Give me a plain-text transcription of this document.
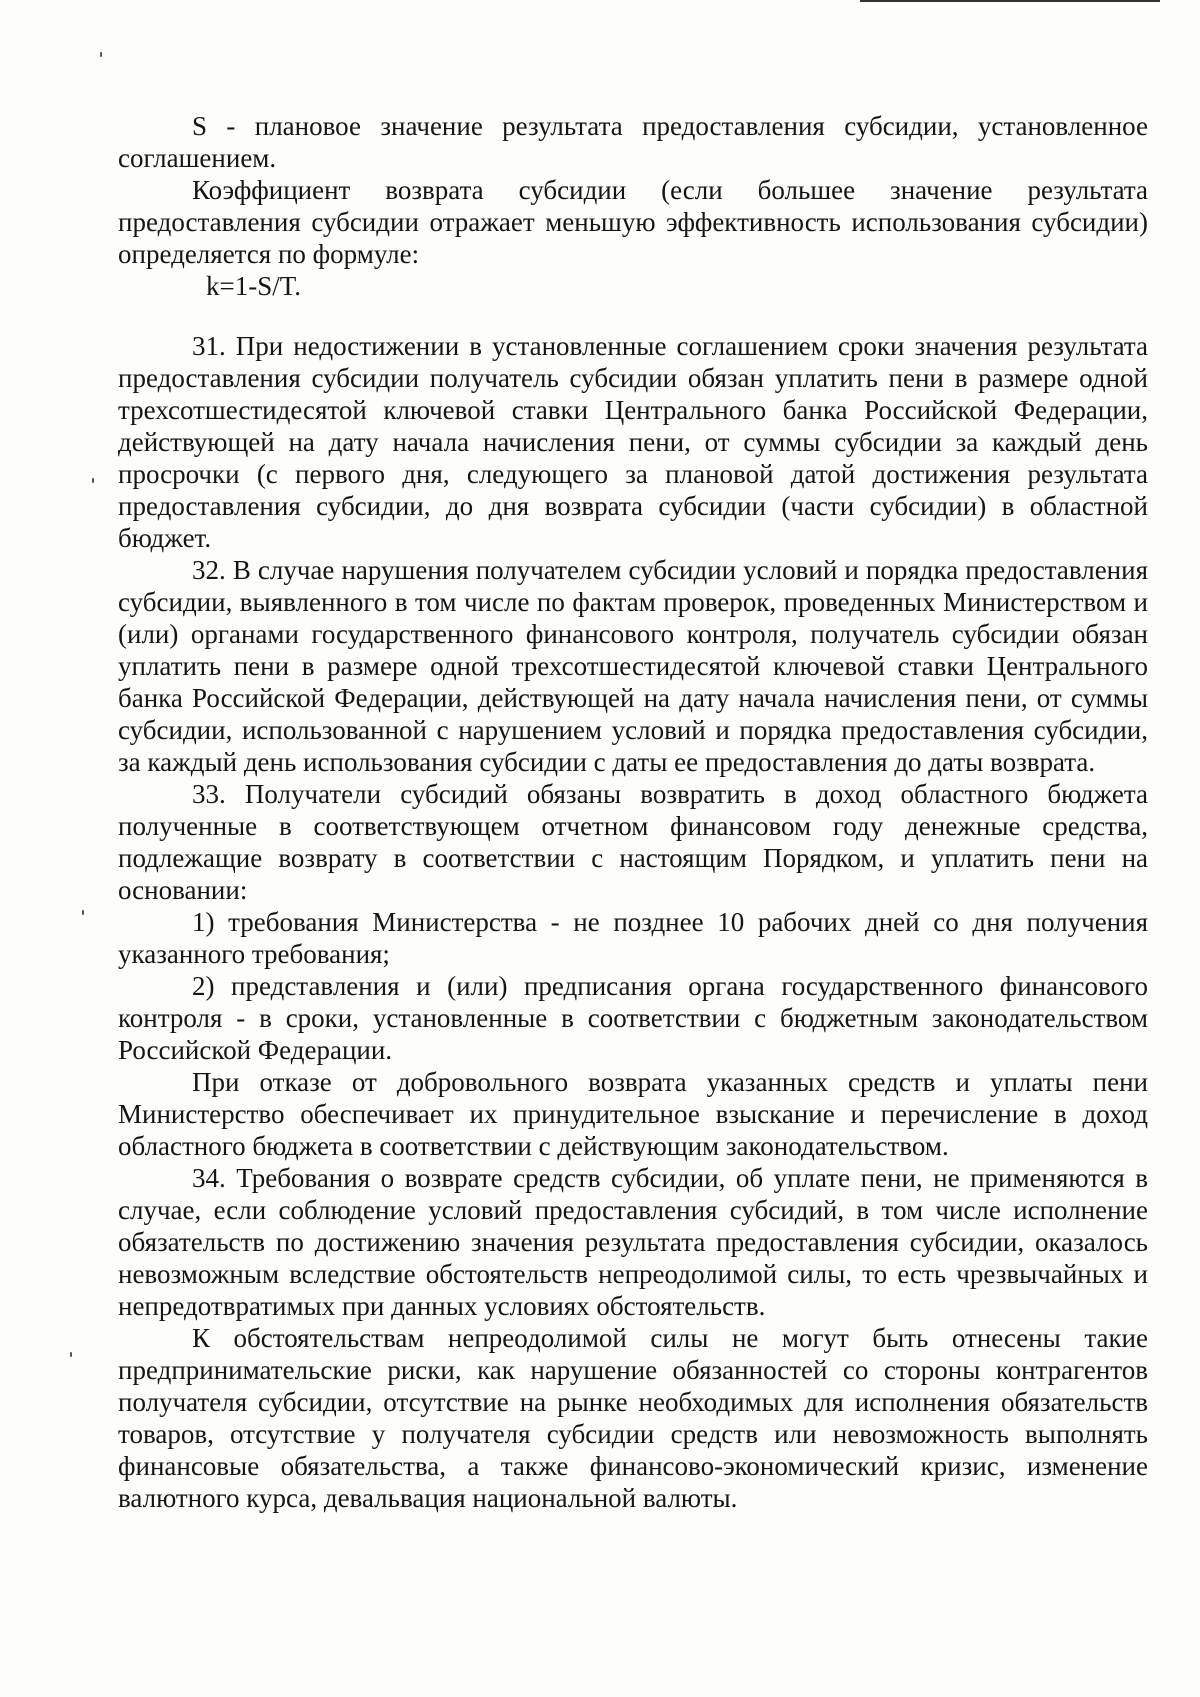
S - плановое значение результата предоставления субсидии, установленное соглашением.

Коэффициент возврата субсидии (если большее значение результата предоставления субсидии отражает меньшую эффективность использования субсидии) определяется по формуле:

k=1-S/T.

31. При недостижении в установленные соглашением сроки значения результата предоставления субсидии получатель субсидии обязан уплатить пени в размере одной трехсотшестидесятой ключевой ставки Центрального банка Российской Федерации, действующей на дату начала начисления пени, от суммы субсидии за каждый день просрочки (с первого дня, следующего за плановой датой достижения результата предоставления субсидии, до дня возврата субсидии (части субсидии) в областной бюджет.

32. В случае нарушения получателем субсидии условий и порядка предоставления субсидии, выявленного в том числе по фактам проверок, проведенных Министерством и (или) органами государственного финансового контроля, получатель субсидии обязан уплатить пени в размере одной трехсотшестидесятой ключевой ставки Центрального банка Российской Федерации, действующей на дату начала начисления пени, от суммы субсидии, использованной с нарушением условий и порядка предоставления субсидии, за каждый день использования субсидии с даты ее предоставления до даты возврата.

33. Получатели субсидий обязаны возвратить в доход областного бюджета полученные в соответствующем отчетном финансовом году денежные средства, подлежащие возврату в соответствии с настоящим Порядком, и уплатить пени на основании:

1) требования Министерства - не позднее 10 рабочих дней со дня получения указанного требования;

2) представления и (или) предписания органа государственного финансового контроля - в сроки, установленные в соответствии с бюджетным законодательством Российской Федерации.

При отказе от добровольного возврата указанных средств и уплаты пени Министерство обеспечивает их принудительное взыскание и перечисление в доход областного бюджета в соответствии с действующим законодательством.

34. Требования о возврате средств субсидии, об уплате пени, не применяются в случае, если соблюдение условий предоставления субсидий, в том числе исполнение обязательств по достижению значения результата предоставления субсидии, оказалось невозможным вследствие обстоятельств непреодолимой силы, то есть чрезвычайных и непредотвратимых при данных условиях обстоятельств.

К обстоятельствам непреодолимой силы не могут быть отнесены такие предпринимательские риски, как нарушение обязанностей со стороны контрагентов получателя субсидии, отсутствие на рынке необходимых для исполнения обязательств товаров, отсутствие у получателя субсидии средств или невозможность выполнять финансовые обязательства, а также финансово-экономический кризис, изменение валютного курса, девальвация национальной валюты.
